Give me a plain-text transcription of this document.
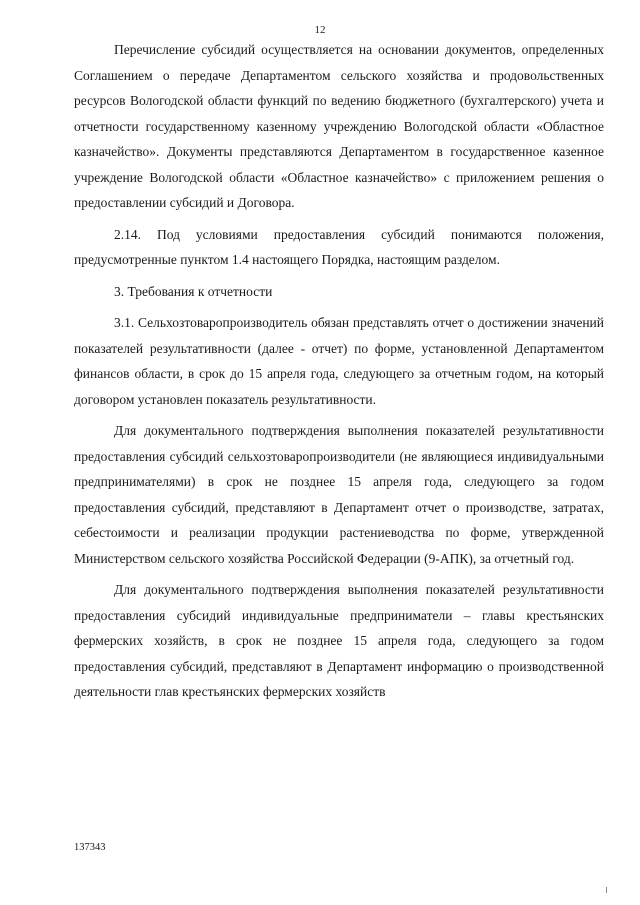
12

Перечисление субсидий осуществляется на основании документов, определенных Соглашением о передаче Департаментом сельского хозяйства и продовольственных ресурсов Вологодской области функций по ведению бюджетного (бухгалтерского) учета и отчетности государственному казенному учреждению Вологодской области «Областное казначейство». Документы представляются Департаментом в государственное казенное учреждение Вологодской области «Областное казначейство» с приложением решения о предоставлении субсидий и Договора.

2.14. Под условиями предоставления субсидий понимаются положения, предусмотренные пунктом 1.4 настоящего Порядка, настоящим разделом.

3. Требования к отчетности

3.1. Сельхозтоваропроизводитель обязан представлять отчет о достижении значений показателей результативности (далее - отчет) по форме, установленной Департаментом финансов области, в срок до 15 апреля года, следующего за отчетным годом, на который договором установлен показатель результативности.

Для документального подтверждения выполнения показателей результативности предоставления субсидий сельхозтоваропроизводители (не являющиеся индивидуальными предпринимателями) в срок не позднее 15 апреля года, следующего за годом предоставления субсидий, представляют в Департамент отчет о производстве, затратах, себестоимости и реализации продукции растениеводства по форме, утвержденной Министерством сельского хозяйства Российской Федерации (9-АПК), за отчетный год.

Для документального подтверждения выполнения показателей результативности предоставления субсидий индивидуальные предприниматели – главы крестьянских фермерских хозяйств, в срок не позднее 15 апреля года, следующего за годом предоставления субсидий, представляют в Департамент информацию о производственной деятельности глав крестьянских фермерских хозяйств

137343
